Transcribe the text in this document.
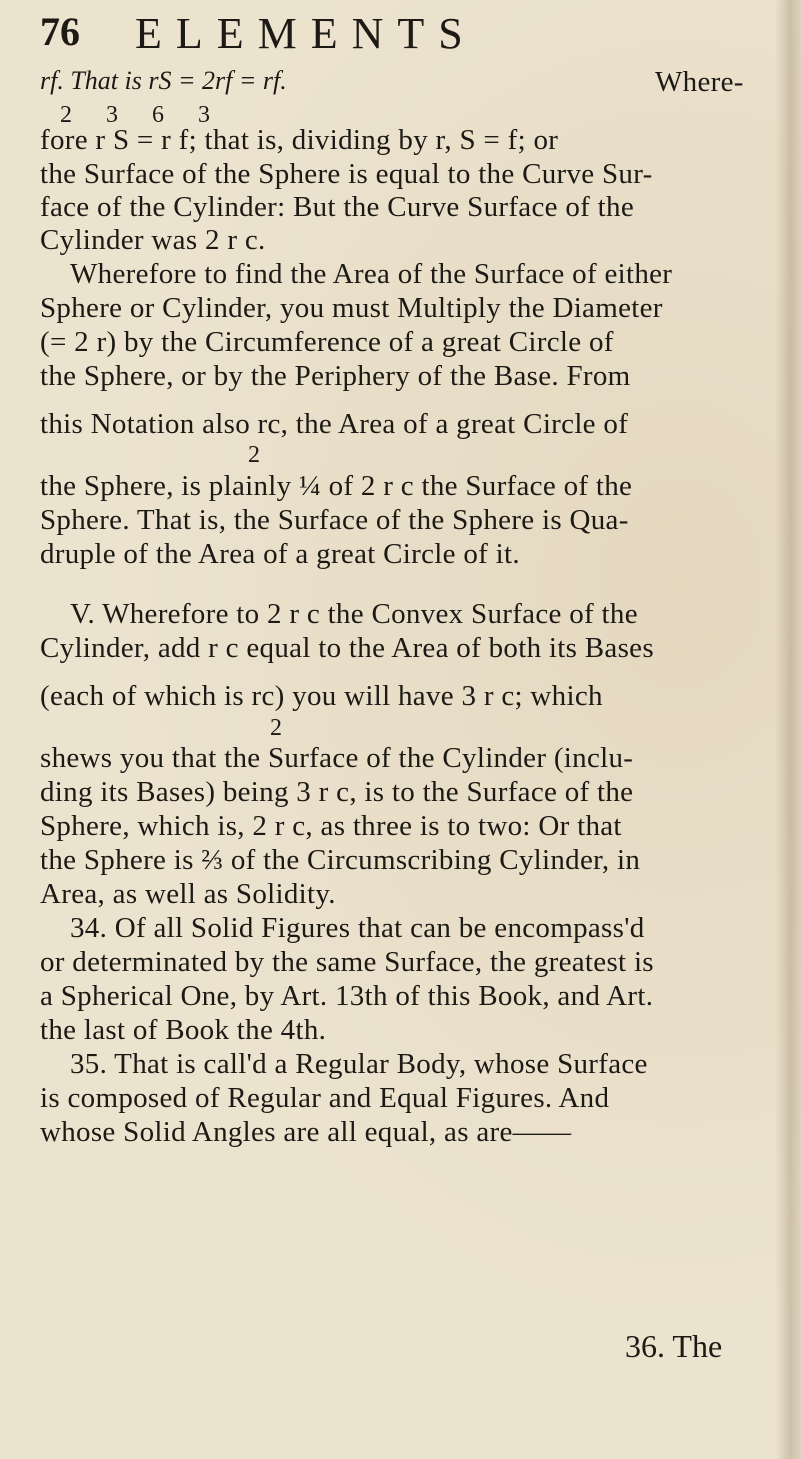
76 ELEMENTS
rf. That is rS = 2rf = rf.	Where-
2 3 6 3
fore r S = r f; that is, dividing by r, S = f; or
the Surface of the Sphere is equal to the Curve Sur-
face of the Cylinder: But the Curve Surface of the
Cylinder was 2 r c.
Wherefore to find the Area of the Surface of either
Sphere or Cylinder, you must Multiply the Diameter
(= 2 r) by the Circumference of a great Circle of
the Sphere, or by the Periphery of the Base. From
this Notation also rc, the Area of a great Circle of
2
the Sphere, is plainly ¼ of 2 r c the Surface of the
Sphere. That is, the Surface of the Sphere is Qua-
druple of the Area of a great Circle of it.
V. Wherefore to 2 r c the Convex Surface of the
Cylinder, add r c equal to the Area of both its Bases
(each of which is rc) you will have 3 r c; which
2
shews you that the Surface of the Cylinder (inclu-
ding its Bases) being 3 r c, is to the Surface of the
Sphere, which is, 2 r c, as three is to two: Or that
the Sphere is ⅔ of the Circumscribing Cylinder, in
Area, as well as Solidity.
34. Of all Solid Figures that can be encompass'd
or determinated by the same Surface, the greatest is
a Spherical One, by Art. 13th of this Book, and Art.
the last of Book the 4th.
35. That is call'd a Regular Body, whose Surface
is composed of Regular and Equal Figures. And
whose Solid Angles are all equal, as are——
36. The
